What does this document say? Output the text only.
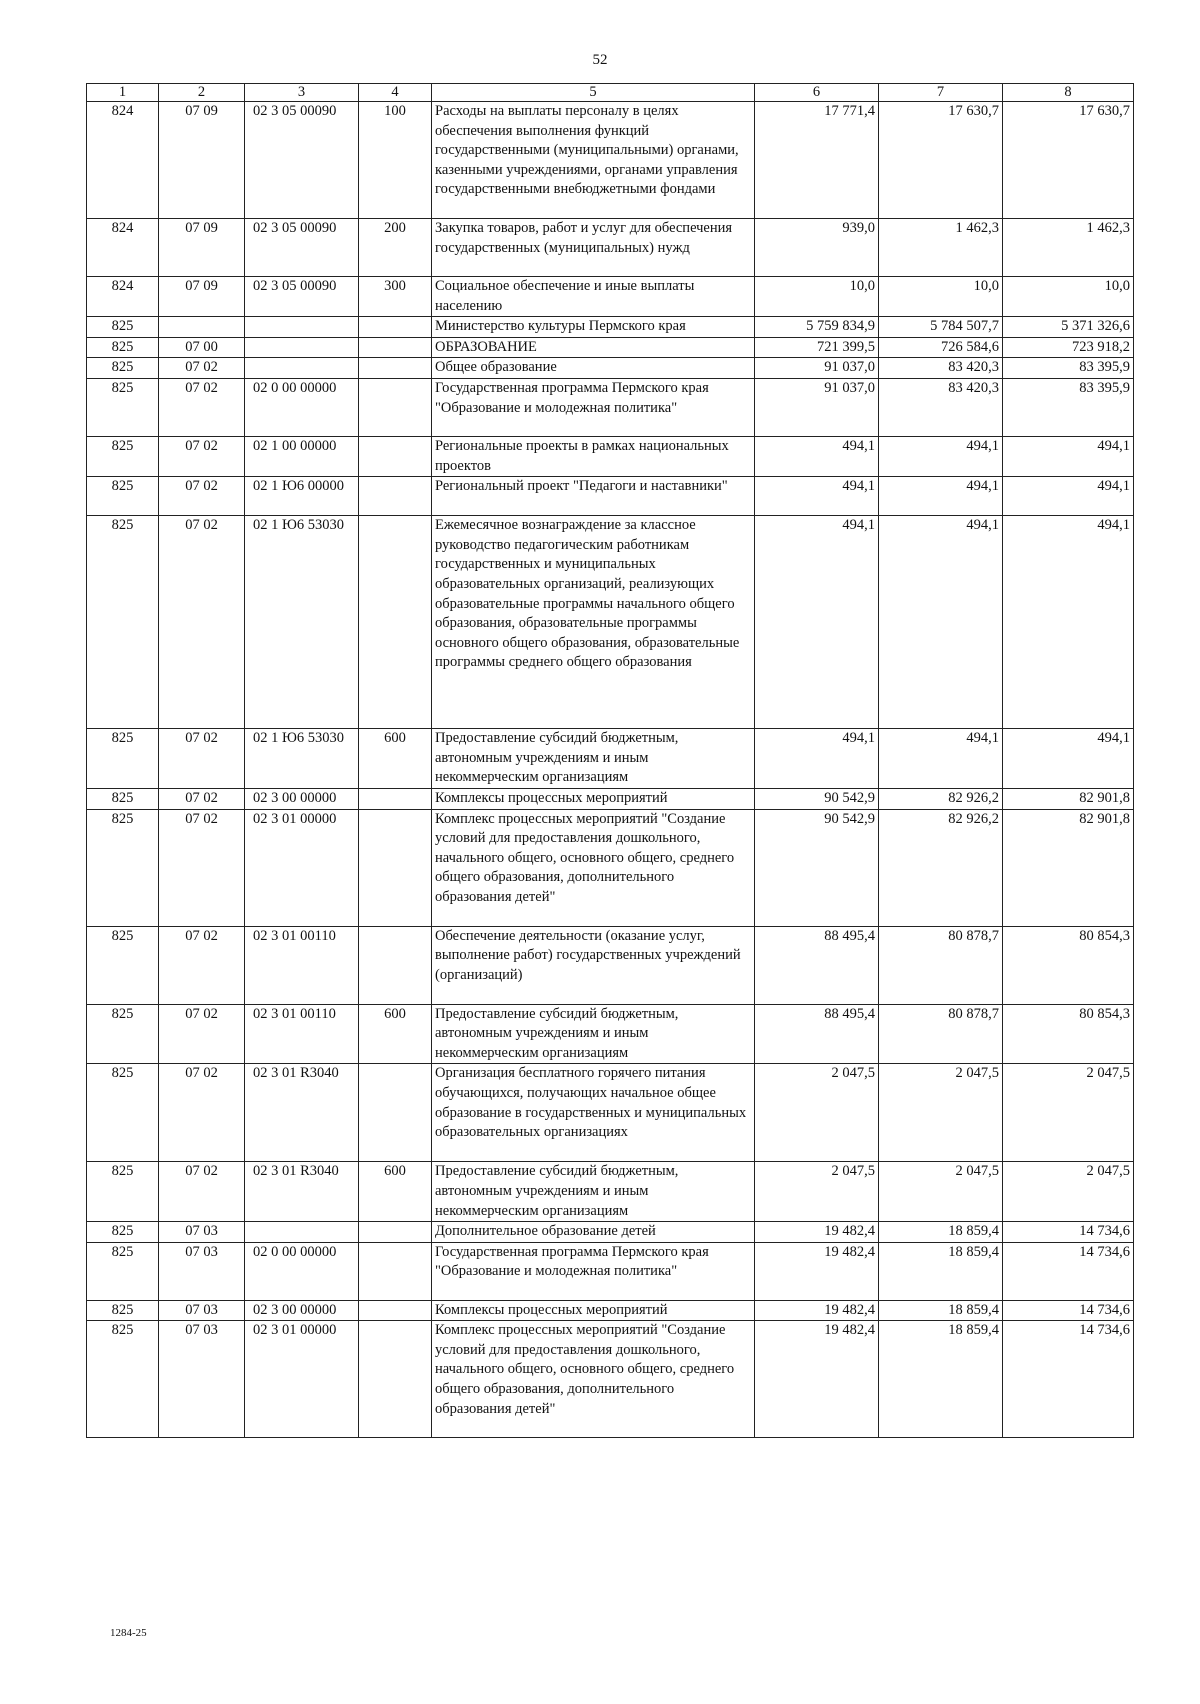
52
1	2	3	4	5	6	7	8
824	07 09	02 3 05 00090	100	Расходы на выплаты персоналу в целях обеспечения выполнения функций государственными (муниципальными) органами, казенными учреждениями, органами управления государственными внебюджетными фондами	17 771,4	17 630,7	17 630,7
824	07 09	02 3 05 00090	200	Закупка товаров, работ и услуг для обеспечения государственных (муниципальных) нужд	939,0	1 462,3	1 462,3
824	07 09	02 3 05 00090	300	Социальное обеспечение и иные выплаты населению	10,0	10,0	10,0
825				Министерство культуры Пермского края	5 759 834,9	5 784 507,7	5 371 326,6
825	07 00			ОБРАЗОВАНИЕ	721 399,5	726 584,6	723 918,2
825	07 02			Общее образование	91 037,0	83 420,3	83 395,9
825	07 02	02 0 00 00000		Государственная программа Пермского края "Образование и молодежная политика"	91 037,0	83 420,3	83 395,9
825	07 02	02 1 00 00000		Региональные проекты в рамках национальных проектов	494,1	494,1	494,1
825	07 02	02 1 Ю6 00000		Региональный проект "Педагоги и наставники"	494,1	494,1	494,1
825	07 02	02 1 Ю6 53030		Ежемесячное вознаграждение за классное руководство педагогическим работникам государственных и муниципальных образовательных организаций, реализующих образовательные программы начального общего образования, образовательные программы основного общего образования, образовательные программы среднего общего образования	494,1	494,1	494,1
825	07 02	02 1 Ю6 53030	600	Предоставление субсидий бюджетным, автономным учреждениям и иным некоммерческим организациям	494,1	494,1	494,1
825	07 02	02 3 00 00000		Комплексы процессных мероприятий	90 542,9	82 926,2	82 901,8
825	07 02	02 3 01 00000		Комплекс процессных мероприятий "Создание условий для предоставления дошкольного, начального общего, основного общего, среднего общего образования, дополнительного образования детей"	90 542,9	82 926,2	82 901,8
825	07 02	02 3 01 00110		Обеспечение деятельности (оказание услуг, выполнение работ) государственных учреждений (организаций)	88 495,4	80 878,7	80 854,3
825	07 02	02 3 01 00110	600	Предоставление субсидий бюджетным, автономным учреждениям и иным некоммерческим организациям	88 495,4	80 878,7	80 854,3
825	07 02	02 3 01 R3040		Организация бесплатного горячего питания обучающихся, получающих начальное общее образование в государственных и муниципальных образовательных организациях	2 047,5	2 047,5	2 047,5
825	07 02	02 3 01 R3040	600	Предоставление субсидий бюджетным, автономным учреждениям и иным некоммерческим организациям	2 047,5	2 047,5	2 047,5
825	07 03			Дополнительное образование детей	19 482,4	18 859,4	14 734,6
825	07 03	02 0 00 00000		Государственная программа Пермского края "Образование и молодежная политика"	19 482,4	18 859,4	14 734,6
825	07 03	02 3 00 00000		Комплексы процессных мероприятий	19 482,4	18 859,4	14 734,6
825	07 03	02 3 01 00000		Комплекс процессных мероприятий "Создание условий для предоставления дошкольного, начального общего, основного общего, среднего общего образования, дополнительного образования детей"	19 482,4	18 859,4	14 734,6
1284-25
